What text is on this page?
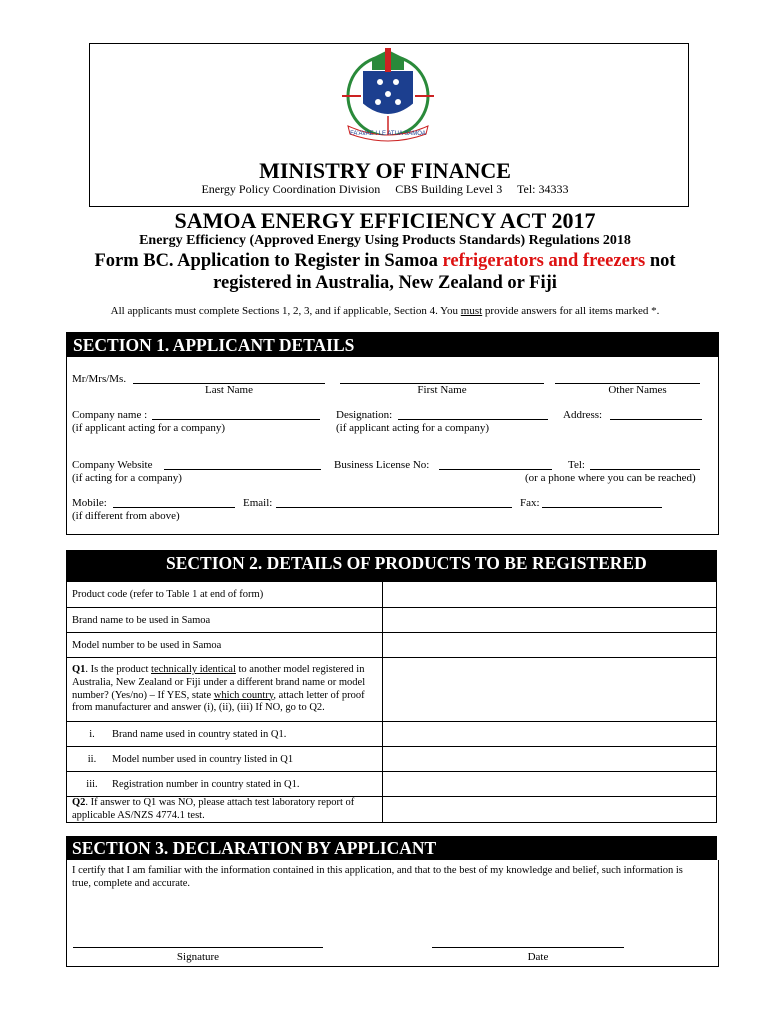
FA'AVAE I LE ATUA SAMOA
MINISTRY OF FINANCE
Energy Policy Coordination Division     CBS Building Level 3     Tel: 34333
SAMOA ENERGY EFFICIENCY ACT 2017
Energy Efficiency (Approved Energy Using Products Standards) Regulations 2018
Form BC. Application to Register in Samoa refrigerators and freezers not
registered in Australia, New Zealand or Fiji
All applicants must complete Sections 1, 2, 3, and if applicable, Section 4. You must provide answers for all items marked *.
SECTION 1. APPLICANT DETAILS
Mr/Mrs/Ms.
Last Name	First Name	Other Names
Company name :
(if applicant acting for a company)
Designation:
(if applicant acting for a company)
Address:
Company Website
(if acting for a company)
Business License No:	Tel:
(or a phone where you can be reached)
Mobile:
(if different from above)
Email:	Fax:
SECTION 2. DETAILS OF PRODUCTS TO BE REGISTERED
Product code (refer to Table 1 at end of form)	
Brand name to be used in Samoa	
Model number to be used in Samoa	
Q1. Is the product technically identical to another model registered in Australia, New Zealand or Fiji under a different brand name or model number? (Yes/no) – If YES, state which country, attach letter of proof from manufacturer and answer (i), (ii), (iii) If NO, go to Q2.	
i. Brand name used in country stated in Q1.	
ii. Model number used in country listed in Q1	
iii. Registration number in country stated in Q1.	
Q2. If answer to Q1 was NO, please attach test laboratory report of applicable AS/NZS 4774.1 test.	
SECTION 3. DECLARATION BY APPLICANT
I certify that I am familiar with the information contained in this application, and that to the best of my knowledge and belief, such information is true, complete and accurate.
Signature	Date
